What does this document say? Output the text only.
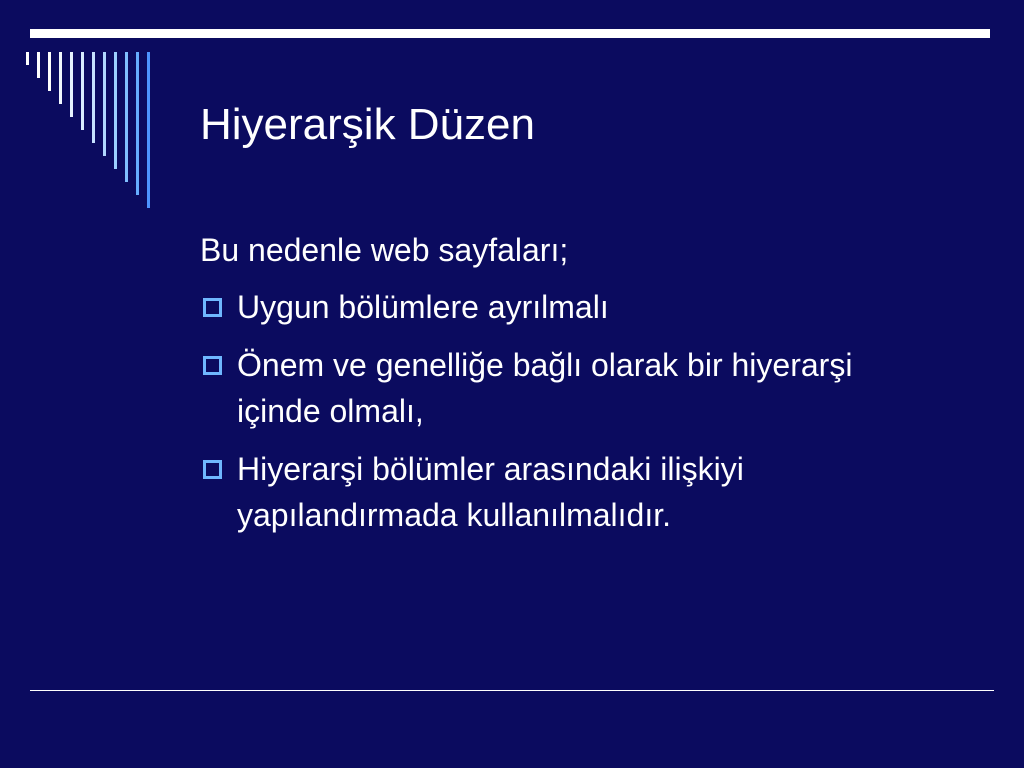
Hiyerarşik Düzen
Bu nedenle web sayfaları;
Uygun bölümlere ayrılmalı
Önem ve genelliğe bağlı olarak bir hiyerarşi içinde olmalı,
Hiyerarşi bölümler arasındaki ilişkiyi yapılandırmada kullanılmalıdır.
